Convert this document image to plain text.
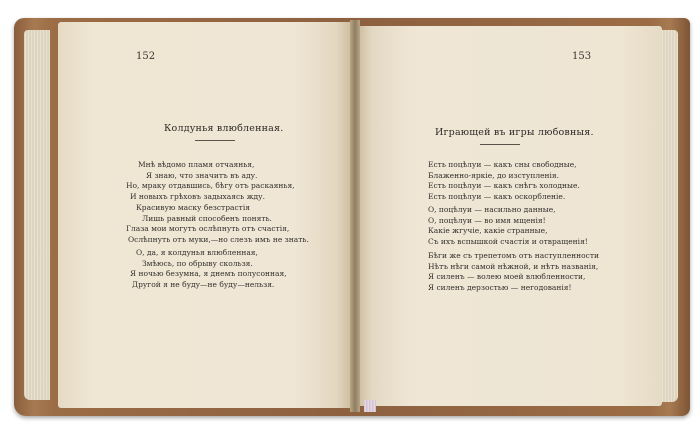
152
Колдунья влюбленная.
Мнѣ вѣдомо пламя отчаянья,
Я знаю, что значитъ въ аду.
Но, мраку отдавшись, бѣгу отъ раскаянья,
И новыхъ грѣховъ задыхаясь жду.
Красивую маску безстрастія
Лишь равный способенъ понять.
Глаза мои могутъ ослѣпнуть отъ счастія,
Ослѣпнуть отъ муки,—но слезъ имъ не знать.
О, да, я колдунья влюбленная,
Змѣюсь, по обрыву скользя.
Я ночью безумна, я днемъ полусонная,
Другой я не буду—не буду—нельзя.
153
Играющей въ игры любовныя.
Есть поцѣлуи — какъ сны свободные,
Блаженно-яркіе, до изступленія.
Есть поцѣлуи — какъ снѣгъ холодные.
Есть поцѣлуи — какъ оскорбленіе.
О, поцѣлуи — насильно данные,
О, поцѣлуи — во имя мщенія!
Какіе жгучіе, какіе странные,
Съ ихъ вспышкой счастія и отвращенія!
Бѣги же съ трепетомъ отъ наступленности
Нѣтъ нѣги самой нѣжной, и нѣтъ названія,
Я силенъ — волею моей влюбленности,
Я силенъ дерзостью — негодованія!
